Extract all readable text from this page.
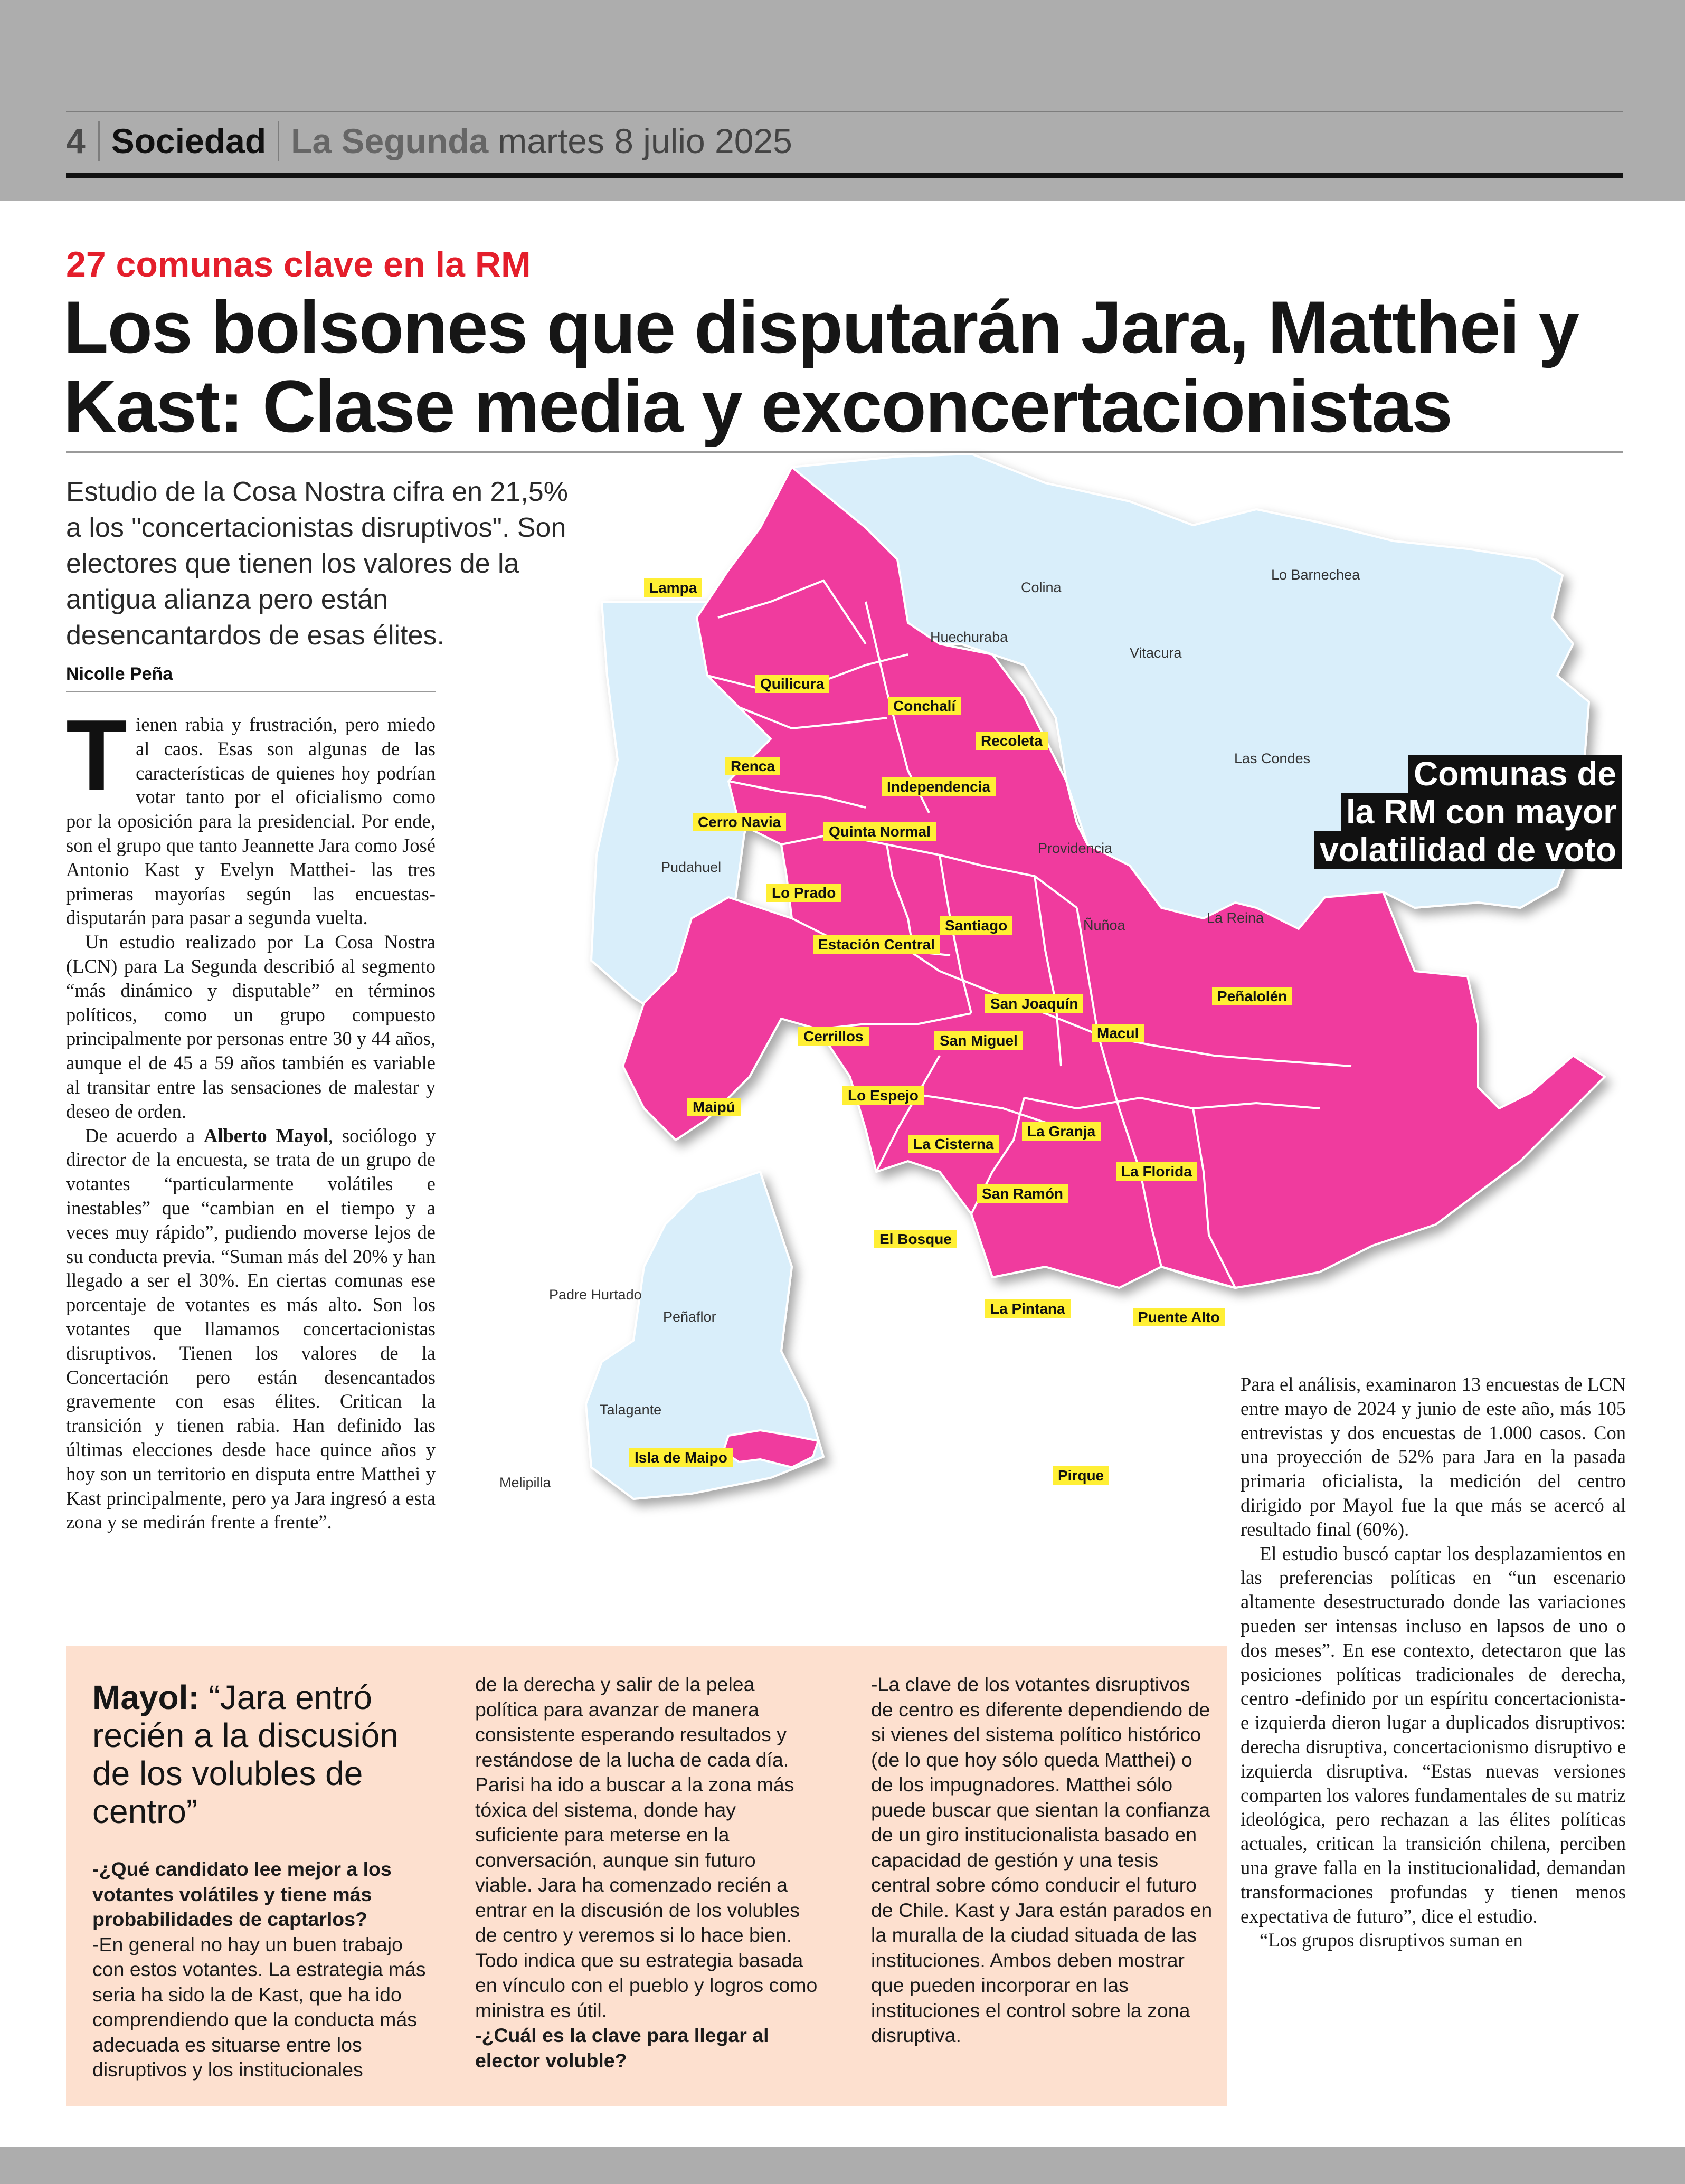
4 Sociedad La Segunda martes 8 julio 2025
27 comunas clave en la RM
Los bolsones que disputarán Jara, Matthei y Kast: Clase media y exconcertacionistas
Estudio de la Cosa Nostra cifra en 21,5% a los "concertacionistas disruptivos". Son electores que tienen los valores de la antigua alianza pero están desencantardos de esas élites.
Nicolle Peña

Tienen rabia y frustración, pero miedo al caos. Esas son algunas de las características de quienes hoy podrían votar tanto por el oficialismo como por la oposición para la presidencial. Por ende, son el grupo que tanto Jeannette Jara como José Antonio Kast y Evelyn Matthei- las tres primeras mayorías según las encuestas- disputarán para pasar a segunda vuelta.

Un estudio realizado por La Cosa Nostra (LCN) para La Segunda describió al segmento “más dinámico y disputable” en términos políticos, como un grupo compuesto principalmente por personas entre 30 y 44 años, aunque el de 45 a 59 años también es variable al transitar entre las sensaciones de malestar y deseo de orden.

De acuerdo a Alberto Mayol, sociólogo y director de la encuesta, se trata de un grupo de votantes “particularmente volátiles e inestables” que “cambian en el tiempo y a veces muy rápido”, pudiendo moverse lejos de su conducta previa. “Suman más del 20% y han llegado a ser el 30%. En ciertas comunas ese porcentaje de votantes es más alto. Son los votantes que llamamos concertacionistas disruptivos. Tienen los valores de la Concertación pero están desencantados gravemente con esas élites. Critican la transición y tienen rabia. Han definido las últimas elecciones desde hace quince años y hoy son un territorio en disputa entre Matthei y Kast principalmente, pero ya Jara ingresó a esta zona y se medirán frente a frente”.

Lampa
Quilicura
Conchalí
Recoleta
Renca
Independencia
Cerro Navia
Quinta Normal
Lo Prado
Santiago
Estación Central
San Joaquín	Peñalolén
Cerrillos	San Miguel	Macul
Maipú
Lo Espejo
La Granja
La Cisterna
La Florida
San Ramón
El Bosque
La Pintana
Puente Alto
Isla de Maipo
Pirque
Colina
Lo Barnechea
Huechuraba
Vitacura
Las Condes
Providencia
Pudahuel
Ñuñoa	La Reina
Padre Hurtado
Peñaflor
Talagante
Melipilla
Comunas de
la RM con mayor
volatilidad de voto

Para el análisis, examinaron 13 encuestas de LCN entre mayo de 2024 y junio de este año, más 105 entrevistas y dos encuestas de 1.000 casos. Con una proyección de 52% para Jara en la pasada primaria oficialista, la medición del centro dirigido por Mayol fue la que más se acercó al resultado final (60%).

El estudio buscó captar los desplazamientos en las preferencias políticas en “un escenario altamente desestructurado donde las variaciones pueden ser intensas incluso en lapsos de uno o dos meses”. En ese contexto, detectaron que las posiciones políticas tradicionales de derecha, centro -definido por un espíritu concertacionista- e izquierda dieron lugar a duplicados disruptivos: derecha disruptiva, concertacionismo disruptivo e izquierda disruptiva. “Estas nuevas versiones comparten los valores fundamentales de su matriz ideológica, pero rechazan a las élites políticas actuales, critican la transición chilena, perciben una grave falla en la institucionalidad, demandan transformaciones profundas y tienen menos expectativa de futuro”, dice el estudio.

“Los grupos disruptivos suman en

Mayol: “Jara entró recién a la discusión de los volubles de centro”

-¿Qué candidato lee mejor a los votantes volátiles y tiene más probabilidades de captarlos?

-En general no hay un buen trabajo con estos votantes. La estrategia más seria ha sido la de Kast, que ha ido comprendiendo que la conducta más adecuada es situarse entre los disruptivos y los institucionales

de la derecha y salir de la pelea política para avanzar de manera consistente esperando resultados y restándose de la lucha de cada día. Parisi ha ido a buscar a la zona más tóxica del sistema, donde hay suficiente para meterse en la conversación, aunque sin futuro viable. Jara ha comenzado recién a entrar en la discusión de los volubles de centro y veremos si lo hace bien. Todo indica que su estrategia basada en vínculo con el pueblo y logros como ministra es útil.

-¿Cuál es la clave para llegar al elector voluble?

-La clave de los votantes disruptivos de centro es diferente dependiendo de si vienes del sistema político histórico (de lo que hoy sólo queda Matthei) o de los impugnadores. Matthei sólo puede buscar que sientan la confianza de un giro institucionalista basado en capacidad de gestión y una tesis central sobre cómo conducir el futuro de Chile. Kast y Jara están parados en la muralla de la ciudad situada de las instituciones. Ambos deben mostrar que pueden incorporar en las instituciones el control sobre la zona disruptiva.
